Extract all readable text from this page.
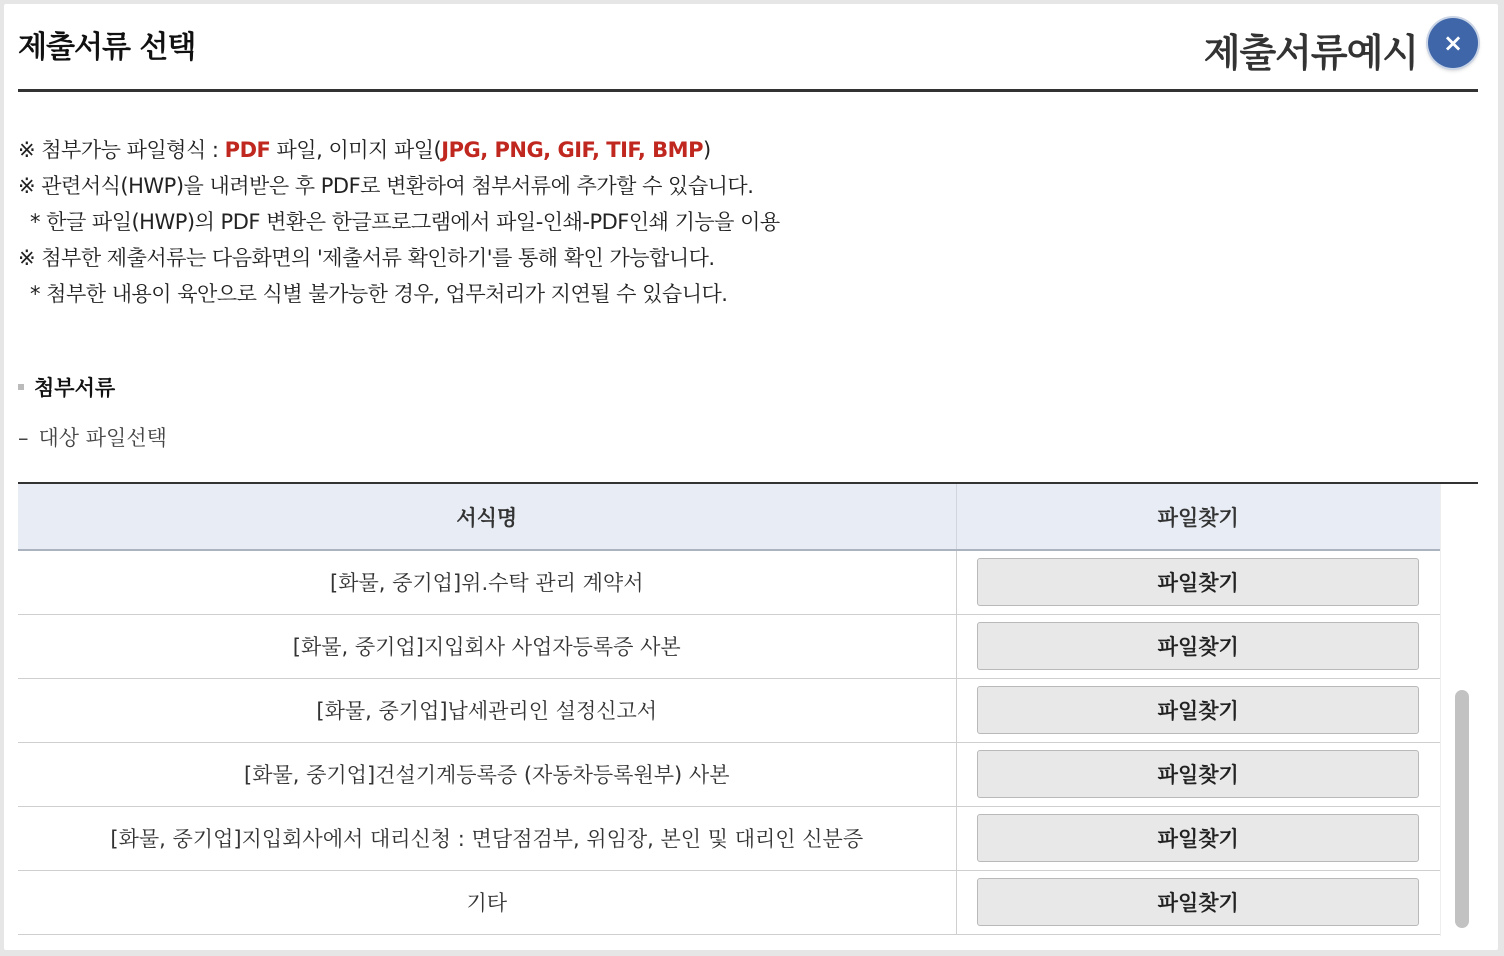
제출서류 선택	제출서류예시 ×
※ 첨부가능 파일형식 : PDF 파일, 이미지 파일(JPG, PNG, GIF, TIF, BMP)
※ 관련서식(HWP)을 내려받은 후 PDF로 변환하여 첨부서류에 추가할 수 있습니다.
* 한글 파일(HWP)의 PDF 변환은 한글프로그램에서 파일-인쇄-PDF인쇄 기능을 이용
※ 첨부한 제출서류는 다음화면의 '제출서류 확인하기'를 통해 확인 가능합니다.
* 첨부한 내용이 육안으로 식별 불가능한 경우, 업무처리가 지연될 수 있습니다.
첨부서류
– 대상 파일선택
서식명	파일찾기
[화물, 중기업]위.수탁 관리 계약서	파일찾기
[화물, 중기업]지입회사 사업자등록증 사본	파일찾기
[화물, 중기업]납세관리인 설정신고서	파일찾기
[화물, 중기업]건설기계등록증 (자동차등록원부) 사본	파일찾기
[화물, 중기업]지입회사에서 대리신청 : 면담점검부, 위임장, 본인 및 대리인 신분증	파일찾기
기타	파일찾기
